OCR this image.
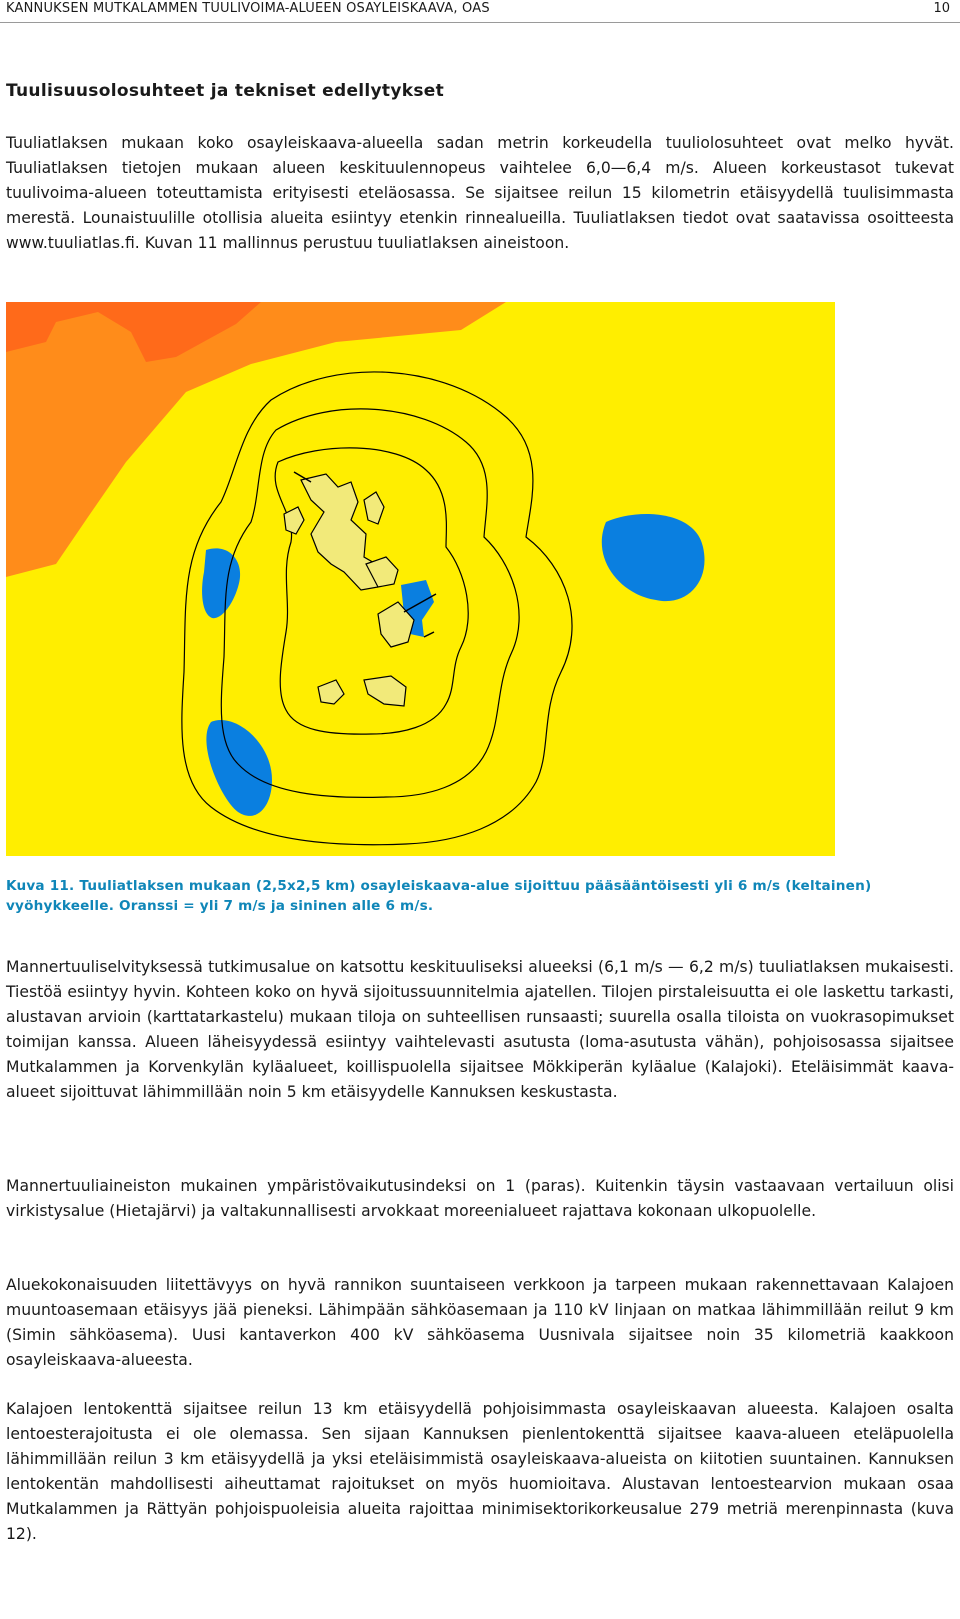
KANNUKSEN MUTKALAMMEN TUULIVOIMA-ALUEEN OSAYLEISKAAVA, OAS	10
Tuulisuusolosuhteet ja tekniset edellytykset

Tuuliatlaksen mukaan koko osayleiskaava-alueella sadan metrin korkeudella tuuliolosuhteet ovat melko hyvät. Tuuliatlaksen tietojen mukaan alueen keskituulennopeus vaihtelee 6,0—6,4 m/s. Alueen korkeustasot tukevat tuulivoima-alueen toteuttamista erityisesti eteläosassa. Se sijaitsee reilun 15 kilometrin etäisyydellä tuulisimmasta merestä. Lounaistuulille otollisia alueita esiintyy etenkin rinnealueilla. Tuuliatlaksen tiedot ovat saatavissa osoitteesta www.tuuliatlas.fi. Kuvan 11 mallinnus perustuu tuuliatlaksen aineistoon.

Kuva 11. Tuuliatlaksen mukaan (2,5x2,5 km) osayleiskaava-alue sijoittuu pääsääntöisesti yli 6 m/s (keltainen) vyöhykkeelle. Oranssi = yli 7 m/s ja sininen alle 6 m/s.

Mannertuuliselvityksessä tutkimusalue on katsottu keskituuliseksi alueeksi (6,1 m/s — 6,2 m/s) tuuliatlaksen mukaisesti. Tiestöä esiintyy hyvin. Kohteen koko on hyvä sijoitussuunnitelmia ajatellen. Tilojen pirstaleisuutta ei ole laskettu tarkasti, alustavan arvioin (karttatarkastelu) mukaan tiloja on suhteellisen runsaasti; suurella osalla tiloista on vuokrasopimukset toimijan kanssa. Alueen läheisyydessä esiintyy vaihtelevasti asutusta (loma-asutusta vähän), pohjoisosassa sijaitsee Mutkalammen ja Korvenkylän kyläalueet, koillispuolella sijaitsee Mökkiperän kyläalue (Kalajoki). Eteläisimmät kaava-alueet sijoittuvat lähimmillään noin 5 km etäisyydelle Kannuksen keskustasta.

Mannertuuliaineiston mukainen ympäristövaikutusindeksi on 1 (paras). Kuitenkin täysin vastaavaan vertailuun olisi virkistysalue (Hietajärvi) ja valtakunnallisesti arvokkaat moreenialueet rajattava kokonaan ulkopuolelle.

Aluekokonaisuuden liitettävyys on hyvä rannikon suuntaiseen verkkoon ja tarpeen mukaan rakennettavaan Kalajoen muuntoasemaan etäisyys jää pieneksi. Lähimpään sähköasemaan ja 110 kV linjaan on matkaa lähimmillään reilut 9 km (Simin sähköasema). Uusi kantaverkon 400 kV sähköasema Uusnivala sijaitsee noin 35 kilometriä kaakkoon osayleiskaava-alueesta.

Kalajoen lentokenttä sijaitsee reilun 13 km etäisyydellä pohjoisimmasta osayleiskaavan alueesta. Kalajoen osalta lentoesterajoitusta ei ole olemassa. Sen sijaan Kannuksen pienlentokenttä sijaitsee kaava-alueen eteläpuolella lähimmillään reilun 3 km etäisyydellä ja yksi eteläisimmistä osayleiskaava-alueista on kiitotien suuntainen. Kannuksen lentokentän mahdollisesti aiheuttamat rajoitukset on myös huomioitava. Alustavan lentoestearvion mukaan osaa Mutkalammen ja Rättyän pohjoispuoleisia alueita rajoittaa minimisektorikorkeusalue 279 metriä merenpinnasta (kuva 12).
